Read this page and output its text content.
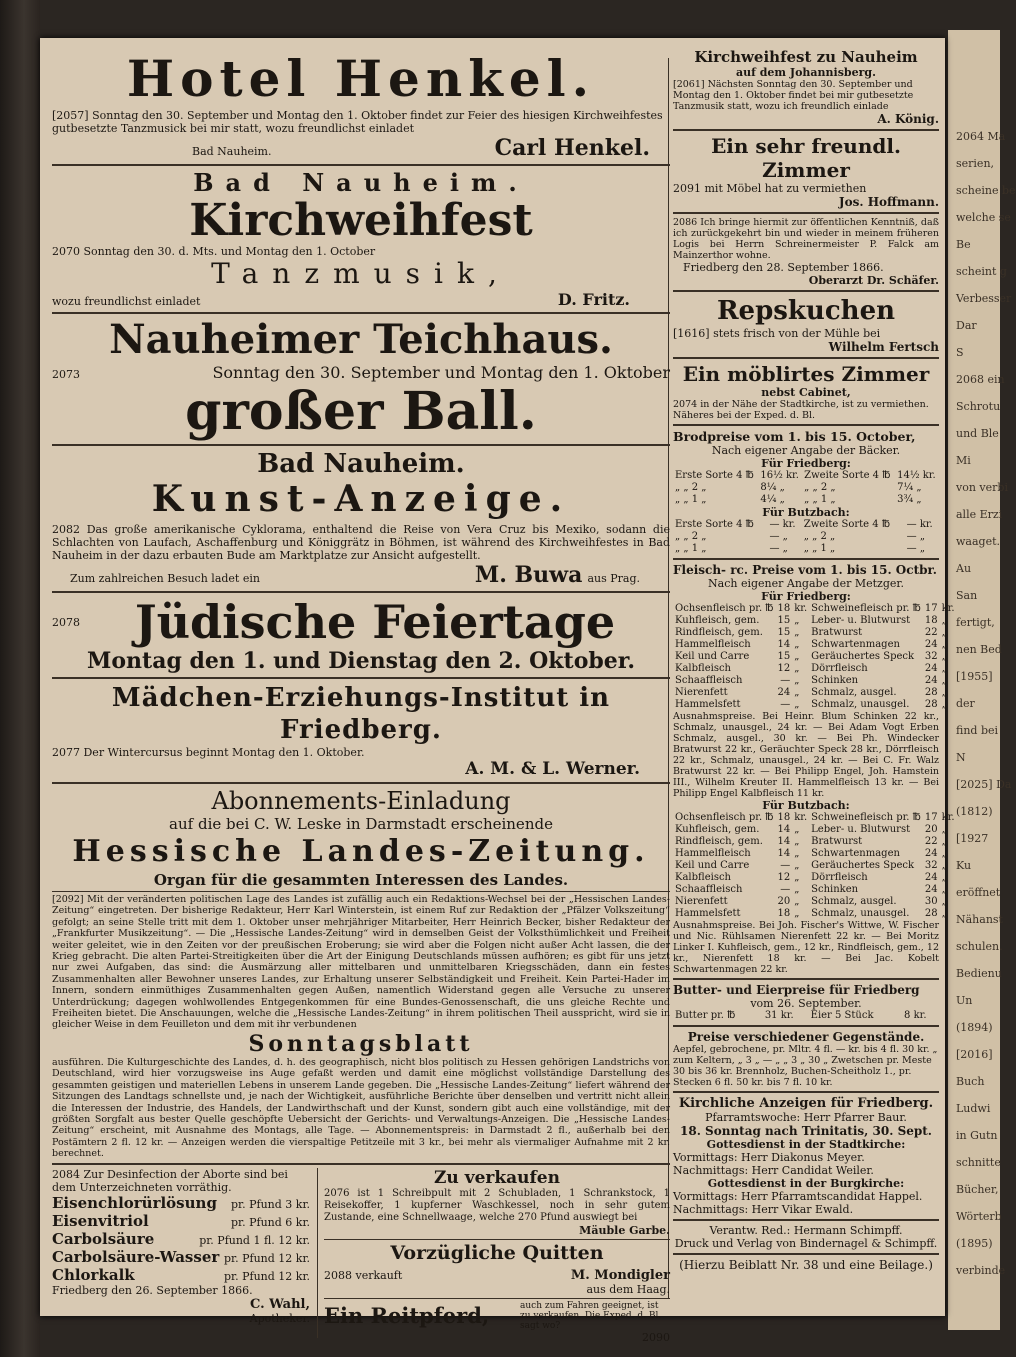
2064 Ma
serien,
scheine be
welche se
Be
scheint g
Verbesser
Dar
S
2068 ein
Schrotu
und Ble
Mi
von verbi
alle Erzi
waaget.
Au
San
fertigt,
nen Bed
[1955]
der
find bei
N
[2025] Da
(1812)
[1927
Ku
eröffnet
Nähanst
schulen.
Bedienu
Un
(1894)
[2016]
Buch
Ludwi
in Gutn
schnitte
Bücher,
Wörterb
(1895)
verbinde
Hotel Henkel.
[2057] Sonntag den 30. September und Montag den 1. Oktober findet zur Feier des hiesigen Kirchweihfestes gutbesetzte Tanzmusick bei mir statt, wozu freundlichst einladet
Bad Nauheim.	Carl Henkel.
Bad Nauheim.
Kirchweihfest
2070 Sonntag den 30. d. Mts. und Montag den 1. October
Tanzmusik,
wozu freundlichst einladet	D. Fritz.
Nauheimer Teichhaus.
2073	Sonntag den 30. September und Montag den 1. Oktober
großer Ball.
Bad Nauheim.
Kunst-Anzeige.
2082 Das große amerikanische Cyklorama, enthaltend die Reise von Vera Cruz bis Mexiko, sodann die Schlachten von Laufach, Aschaffenburg und Königgrätz in Böhmen, ist während des Kirchweihfestes in Bad Nauheim in der dazu erbauten Bude am Marktplatze zur Ansicht aufgestellt.
Zum zahlreichen Besuch ladet ein	M. Buwa aus Prag.
2078	Jüdische Feiertage
Montag den 1. und Dienstag den 2. Oktober.
Mädchen-Erziehungs-Institut in Friedberg.
2077 Der Wintercursus beginnt Montag den 1. Oktober.
A. M. & L. Werner.
Abonnements-Einladung
auf die bei C. W. Leske in Darmstadt erscheinende
Hessische Landes-Zeitung.
Organ für die gesammten Interessen des Landes.
[2092] Mit der veränderten politischen Lage des Landes ist zufällig auch ein Redaktions-Wechsel bei der „Hessischen Landes-Zeitung“ eingetreten. Der bisherige Redakteur, Herr Karl Winterstein, ist einem Ruf zur Redaktion der „Pfälzer Volkszeitung“ gefolgt; an seine Stelle tritt mit dem 1. Oktober unser mehrjähriger Mitarbeiter, Herr Heinrich Becker, bisher Redakteur der „Frankfurter Musikzeitung“. — Die „Hessische Landes-Zeitung“ wird in demselben Geist der Volksthümlichkeit und Freiheit weiter geleitet, wie in den Zeiten vor der preußischen Eroberung; sie wird aber die Folgen nicht außer Acht lassen, die der Krieg gebracht. Die alten Partei-Streitigkeiten über die Art der Einigung Deutschlands müssen aufhören; es gibt für uns jetzt nur zwei Aufgaben, das sind: die Ausmärzung aller mittelbaren und unmittelbaren Kriegsschäden, dann ein festes Zusammenhalten aller Bewohner unseres Landes, zur Erhaltung unserer Selbständigkeit und Freiheit. Kein Partei-Hader im Innern, sondern einmüthiges Zusammenhalten gegen Außen, namentlich Widerstand gegen alle Versuche zu unserer Unterdrückung; dagegen wohlwollendes Entgegenkommen für eine Bundes-Genossenschaft, die uns gleiche Rechte und Freiheiten bietet. Die Anschauungen, welche die „Hessische Landes-Zeitung“ in ihrem politischen Theil ausspricht, wird sie in gleicher Weise in dem Feuilleton und dem mit ihr verbundenen
Sonntagsblatt
ausführen. Die Kulturgeschichte des Landes, d. h. des geographisch, nicht blos politisch zu Hessen gehörigen Landstrichs von Deutschland, wird hier vorzugsweise ins Auge gefaßt werden und damit eine möglichst vollständige Darstellung des gesammten geistigen und materiellen Lebens in unserem Lande gegeben. Die „Hessische Landes-Zeitung“ liefert während der Sitzungen des Landtags schnellste und, je nach der Wichtigkeit, ausführliche Berichte über denselben und vertritt nicht allein die Interessen der Industrie, des Handels, der Landwirthschaft und der Kunst, sondern gibt auch eine vollständige, mit der größten Sorgfalt aus bester Quelle geschöpfte Uebersicht der Gerichts- und Verwaltungs-Anzeigen. Die „Hessische Landes-Zeitung“ erscheint, mit Ausnahme des Montags, alle Tage. — Abonnementspreis: in Darmstadt 2 fl., außerhalb bei den Postämtern 2 fl. 12 kr. — Anzeigen werden die vierspaltige Petitzeile mit 3 kr., bei mehr als viermaliger Aufnahme mit 2 kr. berechnet.
2084 Zur Desinfection der Aborte sind bei dem Unterzeichneten vorräthig.
Eisenchlorürlösung pr. Pfund 3 kr.
Eisenvitriol	pr. Pfund 6 kr.
Carbolsäure	pr. Pfund 1 fl. 12 kr.
Carbolsäure-Wasser pr. Pfund 12 kr.
Chlorkalk	pr. Pfund 12 kr.
Friedberg den 26. September 1866.
C. Wahl,
Apotheker.
Zu verkaufen
2076 ist 1 Schreibpult mit 2 Schubladen, 1 Schrankstock, 1 Reisekoffer, 1 kupferner Waschkessel, noch in sehr gutem Zustande, eine Schnellwaage, welche 270 Pfund auswiegt bei
Mäuble Garbe.
Vorzügliche Quitten
2088 verkauft	M. Mondigler
aus dem Haag.
Ein Reitpferd,	auch zum Fahren geeignet, ist zu verkaufen. Die Exped. d. Bl. sagt wo?
2090
Kirchweihfest zu Nauheim
auf dem Johannisberg.
[2061] Nächsten Sonntag den 30. September und Montag den 1. Oktober findet bei mir gutbesetzte Tanzmusik statt, wozu ich freundlich einlade
A. König.
Ein sehr freundl. Zimmer
2091 mit Möbel hat zu vermiethen
Jos. Hoffmann.
2086 Ich bringe hiermit zur öffentlichen Kenntniß, daß ich zurückgekehrt bin und wieder in meinem früheren Logis bei Herrn Schreinermeister P. Falck am Mainzerthor wohne.
Friedberg den 28. September 1866.
Oberarzt Dr. Schäfer.
Repskuchen
[1616] stets frisch von der Mühle bei
Wilhelm Fertsch
Ein möblirtes Zimmer
nebst Cabinet,
2074 in der Nähe der Stadtkirche, ist zu vermiethen. Näheres bei der Exped. d. Bl.
Brodpreise vom 1. bis 15. October,
Nach eigener Angabe der Bäcker.
Für Friedberg:
Erste Sorte 4 ℔	16½ kr.	Zweite Sorte 4 ℔	14½ kr.
„ „ 2 „	8¼ „	„ „ 2 „	7¼ „
„ „ 1 „	4¼ „	„ „ 1 „	3¾ „
Für Butzbach:
Erste Sorte 4 ℔	— kr.	Zweite Sorte 4 ℔	— kr.
„ „ 2 „	— „	„ „ 2 „	— „
„ „ 1 „	— „	„ „ 1 „	— „
Fleisch- rc. Preise vom 1. bis 15. Octbr.
Nach eigener Angabe der Metzger.
Für Friedberg:
Ochsenfleisch pr. ℔	18	kr.	Schweinefleisch pr. ℔	17	kr.
Kuhfleisch, gem.	15	„	Leber- u. Blutwurst	18	„
Rindfleisch, gem.	15	„	Bratwurst	22	„
Hammelfleisch	14	„	Schwartenmagen	24	„
Keil und Carre	15	„	Geräuchertes Speck	32	„
Kalbfleisch	12	„	Dörrfleisch	24	„
Schaaffleisch	—	„	Schinken	24	„
Nierenfett	24	„	Schmalz, ausgel.	28	„
Hammelsfett	—	„	Schmalz, unausgel.	28	„
Ausnahmspreise. Bei Heinr. Blum Schinken 22 kr., Schmalz, unausgel., 24 kr. — Bei Adam Vogt Erben Schmalz, ausgel., 30 kr. — Bei Ph. Windecker Bratwurst 22 kr., Geräuchter Speck 28 kr., Dörrfleisch 22 kr., Schmalz, unausgel., 24 kr. — Bei C. Fr. Walz Bratwurst 22 kr. — Bei Philipp Engel, Joh. Hamstein III., Wilhelm Kreuter II. Hammelfleisch 13 kr. — Bei Philipp Engel Kalbfleisch 11 kr.
Für Butzbach:
Ochsenfleisch pr. ℔	18	kr.	Schweinefleisch pr. ℔	17	kr.
Kuhfleisch, gem.	14	„	Leber- u. Blutwurst	20	„
Rindfleisch, gem.	14	„	Bratwurst	22	„
Hammelfleisch	14	„	Schwartenmagen	24	„
Keil und Carre	—	„	Geräuchertes Speck	32	„
Kalbfleisch	12	„	Dörrfleisch	24	„
Schaaffleisch	—	„	Schinken	24	„
Nierenfett	20	„	Schmalz, ausgel.	30	„
Hammelsfett	18	„	Schmalz, unausgel.	28	„
Ausnahmspreise. Bei Joh. Fischer's Wittwe, W. Fischer und Nic. Rühlsamen Nierenfett 22 kr. — Bei Moritz Linker I. Kuhfleisch, gem., 12 kr., Rindfleisch, gem., 12 kr., Nierenfett 18 kr. — Bei Jac. Kobelt Schwartenmagen 22 kr.
Butter- und Eierpreise für Friedberg
vom 26. September.
Butter pr. ℔	31 kr.	Eier 5 Stück	8 kr.
Preise verschiedener Gegenstände.
Aepfel, gebrochene, pr. Mltr. 4 fl. — kr. bis 4 fl. 30 kr. „ zum Keltern, „ 3 „ — „ „ 3 „ 30 „ Zwetschen pr. Meste 30 bis 36 kr. Brennholz, Buchen-Scheitholz 1., pr. Stecken 6 fl. 50 kr. bis 7 fl. 10 kr.
Kirchliche Anzeigen für Friedberg.
Pfarramtswoche: Herr Pfarrer Baur.
18. Sonntag nach Trinitatis, 30. Sept.
Gottesdienst in der Stadtkirche:
Vormittags: Herr Diakonus Meyer.
Nachmittags: Herr Candidat Weiler.
Gottesdienst in der Burgkirche:
Vormittags: Herr Pfarramtscandidat Happel.
Nachmittags: Herr Vikar Ewald.
Verantw. Red.: Hermann Schimpff.
Druck und Verlag von Bindernagel & Schimpff.
(Hierzu Beiblatt Nr. 38 und eine Beilage.)
